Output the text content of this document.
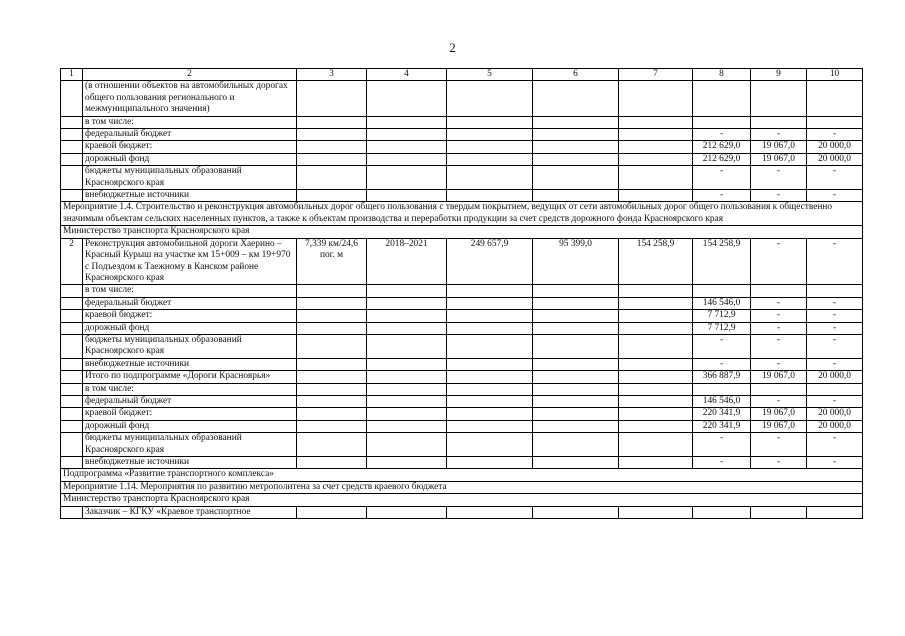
2
1	2	3	4	5	6	7	8	9	10
	(в отношении объектов на автомобильных дорогах общего пользования регионального и межмуниципального значения)								
	в том числе:								
	федеральный бюджет						-	-	-
	краевой бюджет:						212 629,0	19 067,0	20 000,0
	дорожный фонд						212 629,0	19 067,0	20 000,0
	бюджеты муниципальных образований Красноярского края						-	-	-
	внебюджетные источники						-	-	-
Мероприятие 1.4. Строительство и реконструкция автомобильных дорог общего пользования с твердым покрытием, ведущих от сети автомобильных дорог общего пользования к общественно значимым объектам сельских населенных пунктов, а также к объектам производства и переработки продукции за счет средств дорожного фонда Красноярского края									
Министерство транспорта Красноярского края									
2	Реконструкция автомобильной дороги Хаерино – Красный Курыш на участке км 15+009 – км 19+970 с Подъездом к Таежному в Канском районе Красноярского края	7,339 км/24,6 пог. м	2018–2021	249 657,9	95 399,0	154 258,9	154 258,9	-	-
	в том числе:								
	федеральный бюджет						146 546,0	-	-
	краевой бюджет:						7 712,9	-	-
	дорожный фонд						7 712,9	-	-
	бюджеты муниципальных образований Красноярского края						-	-	-
	внебюджетные источники						-	-	-
	Итого по подпрограмме «Дороги Красноярья»						366 887,9	19 067,0	20 000,0
	в том числе:								
	федеральный бюджет						146 546,0	-	-
	краевой бюджет:						220 341,9	19 067,0	20 000,0
	дорожный фонд						220 341,9	19 067,0	20 000,0
	бюджеты муниципальных образований Красноярского края						-	-	-
	внебюджетные источники						-	-	-
Подпрограмма «Развитие транспортного комплекса»									
Мероприятие 1.14. Мероприятия по развитию метрополитена за счет средств краевого бюджета									
Министерство транспорта Красноярского края									
	Заказчик – КГКУ «Краевое транспортное								
